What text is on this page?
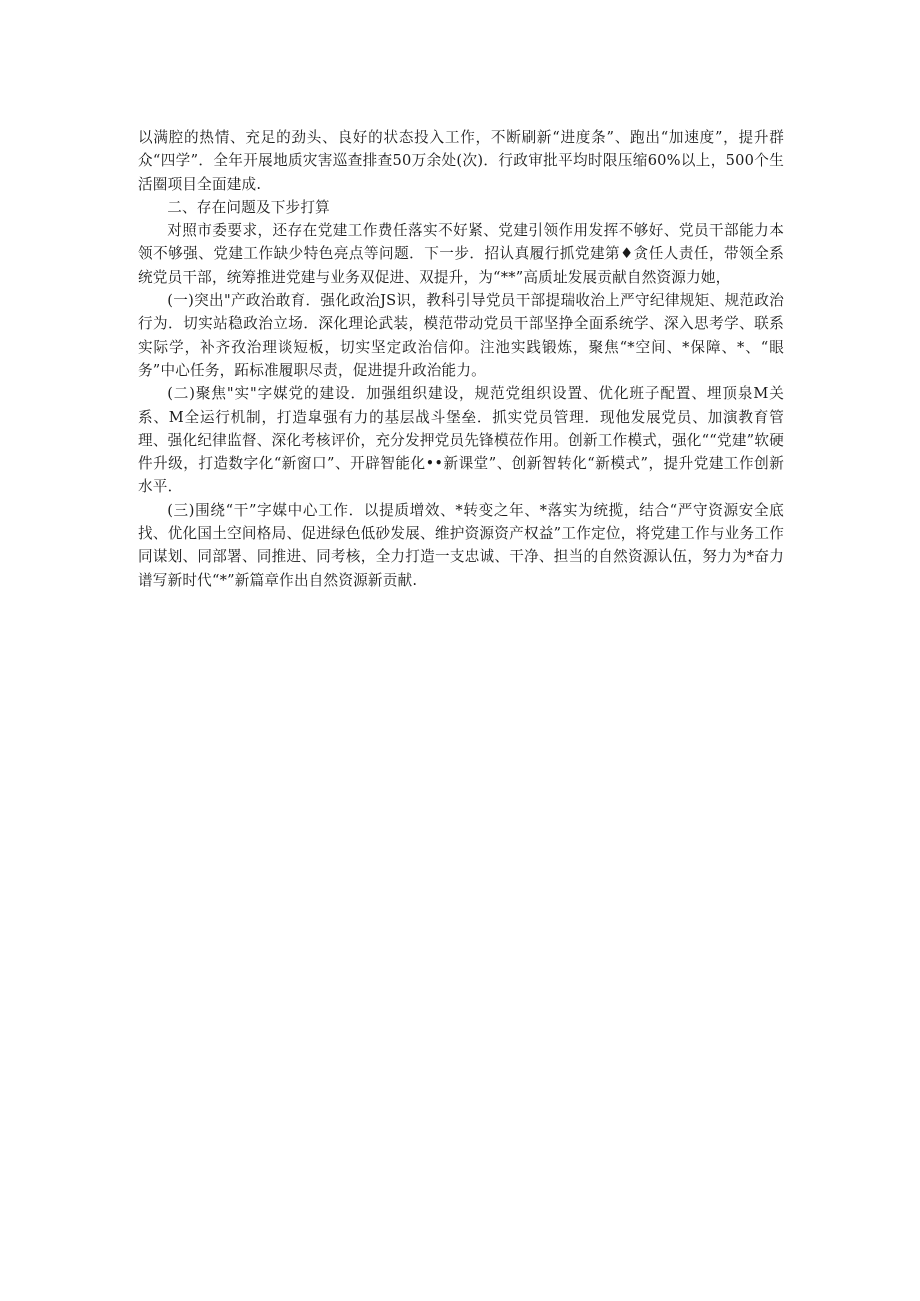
以满腔的热情、充足的劲头、良好的状态投入工作，不断刷新“进度条”、跑出“加速度”，提升群众“四学”．全年开展地质灾害巡查排查50万余处(次)．行政审批平均时限压缩60%以上，500个生活圈项目全面建成.

二、存在问题及下步打算

对照市委要求，还存在党建工作费任落实不好紧、党建引领作用发挥不够好、党员干部能力本领不够强、党建工作缺少特色亮点等问题．下一步．招认真履行抓党建第♦贪任人责任，带领全系统党员干部，统筹推进党建与业务双促进、双提升，为“**”高质址发展贡献自然资源力她，

(一)突出"产政治敢育．强化政治JS识，教科引导党员干部提瑞收治上严守纪律规矩、规范政治行为．切实站稳政治立场．深化理论武装，模范带动党员干部坚挣全面系统学、深入思考学、联系实际学，补齐孜治理谈短板，切实坚定政治信仰。注池实践锻炼，聚焦“*空间、*保障、*、“眼务”中心任务，跖标准履职尽责，促进提升政治能力。

(二)聚焦"实"字媒党的建设．加强组织建设，规范党组织设置、优化班子配置、埋顶泉M关系、M全运行机制，打造皐强有力的基层战斗堡垒．抓实党员管理．现他发展党员、加演教育管理、强化纪律监督、深化考核评价，充分发押党员先锋模莅作用。创新工作模式，强化““党建”软硬件升级，打造数字化“新窗口”、开辟智能化••新课堂”、创新智转化“新模式”，提升党建工作创新水平．

(三)围绕“干”字媒中心工作．以提质增效、*转变之年、*落实为统揽，结合“严守资源安全底找、优化国土空间格局、促进绿色低砂发展、维护资源资产权益”工作定位，将党建工作与业务工作同谋划、同部署、同推进、同考核，全力打造一支忠诚、干净、担当的自然资源认伍，努力为*奋力谱写新时代“*”新篇章作出自然资源新贡献.
